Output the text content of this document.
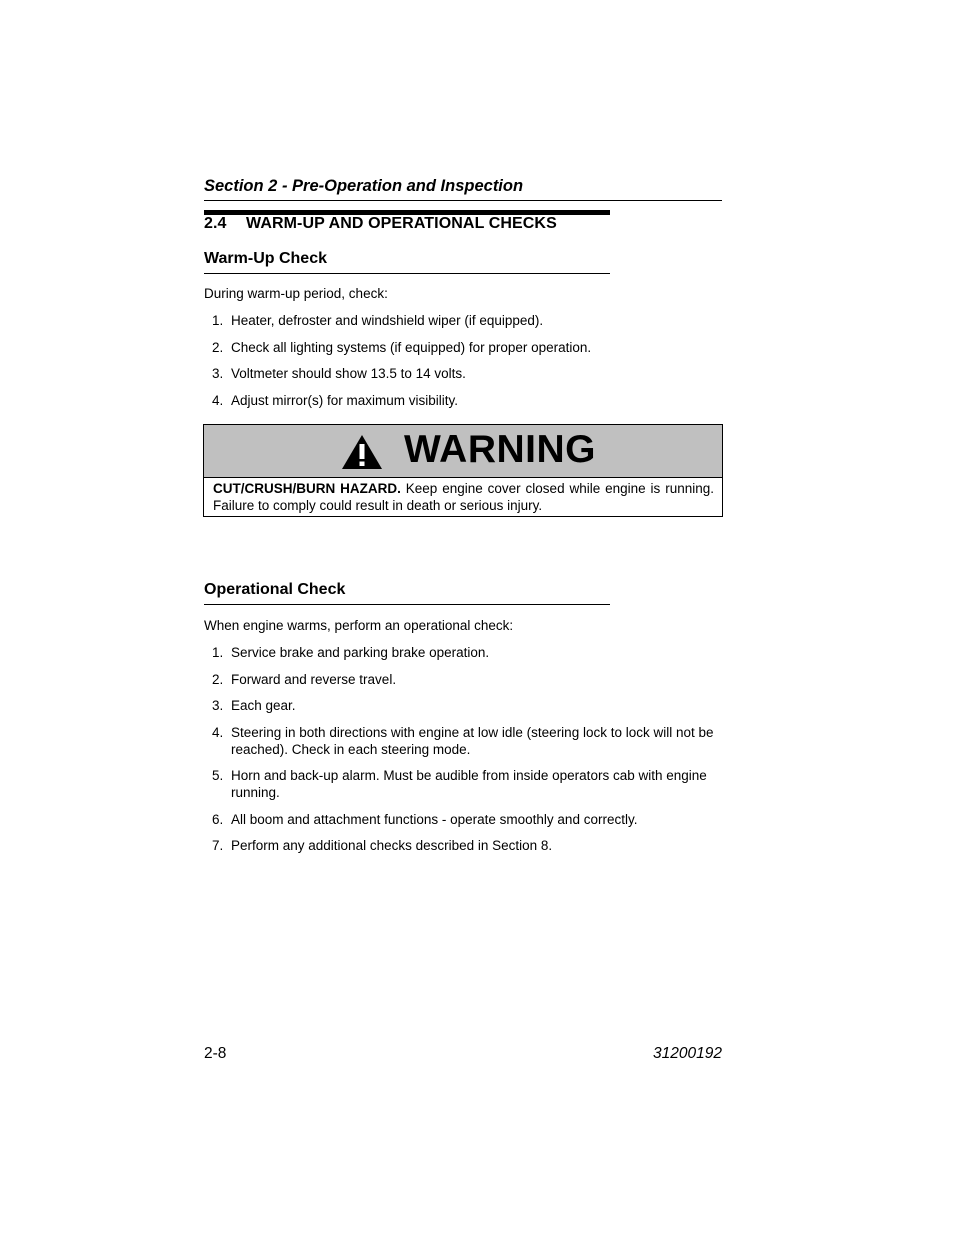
Section 2 - Pre-Operation and Inspection
2.4 WARM-UP AND OPERATIONAL CHECKS
Warm-Up Check
During warm-up period, check:
1. Heater, defroster and windshield wiper (if equipped).
2. Check all lighting systems (if equipped) for proper operation.
3. Voltmeter should show 13.5 to 14 volts.
4. Adjust mirror(s) for maximum visibility.
WARNING
CUT/CRUSH/BURN HAZARD. Keep engine cover closed while engine is running. Failure to comply could result in death or serious injury.
Operational Check
When engine warms, perform an operational check:
1. Service brake and parking brake operation.
2. Forward and reverse travel.
3. Each gear.
4. Steering in both directions with engine at low idle (steering lock to lock will not be reached). Check in each steering mode.
5. Horn and back-up alarm. Must be audible from inside operators cab with engine running.
6. All boom and attachment functions - operate smoothly and correctly.
7. Perform any additional checks described in Section 8.
2-8	31200192
